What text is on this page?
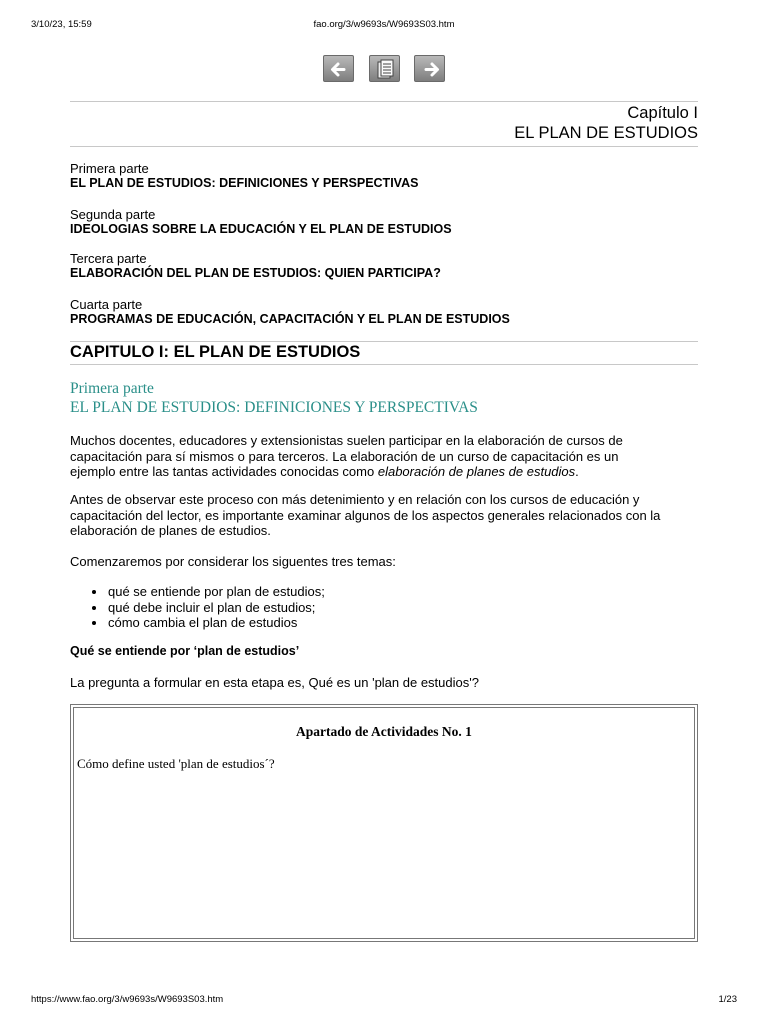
3/10/23, 15:59	fao.org/3/w9693s/W9693S03.htm
Capítulo I
EL PLAN DE ESTUDIOS
Primera parte
EL PLAN DE ESTUDIOS: DEFINICIONES Y PERSPECTIVAS
Segunda parte
IDEOLOGIAS SOBRE LA EDUCACIÓN Y EL PLAN DE ESTUDIOS
Tercera parte
ELABORACIÓN DEL PLAN DE ESTUDIOS: QUIEN PARTICIPA?
Cuarta parte
PROGRAMAS DE EDUCACIÓN, CAPACITACIÓN Y EL PLAN DE ESTUDIOS
CAPITULO I: EL PLAN DE ESTUDIOS
Primera parte
EL PLAN DE ESTUDIOS: DEFINICIONES Y PERSPECTIVAS
Muchos docentes, educadores y extensionistas suelen participar en la elaboración de cursos de
capacitación para sí mismos o para terceros. La elaboración de un curso de capacitación es un
ejemplo entre las tantas actividades conocidas como elaboración de planes de estudios.
Antes de observar este proceso con más detenimiento y en relación con los cursos de educación y
capacitación del lector, es importante examinar algunos de los aspectos generales relacionados con la
elaboración de planes de estudios.
Comenzaremos por considerar los siguentes tres temas:
qué se entiende por plan de estudios;
qué debe incluir el plan de estudios;
cómo cambia el plan de estudios
Qué se entiende por ‘plan de estudios’
La pregunta a formular en esta etapa es, Qué es un 'plan de estudios'?
Apartado de Actividades No. 1
Cómo define usted 'plan de estudios´?
https://www.fao.org/3/w9693s/W9693S03.htm	1/23
